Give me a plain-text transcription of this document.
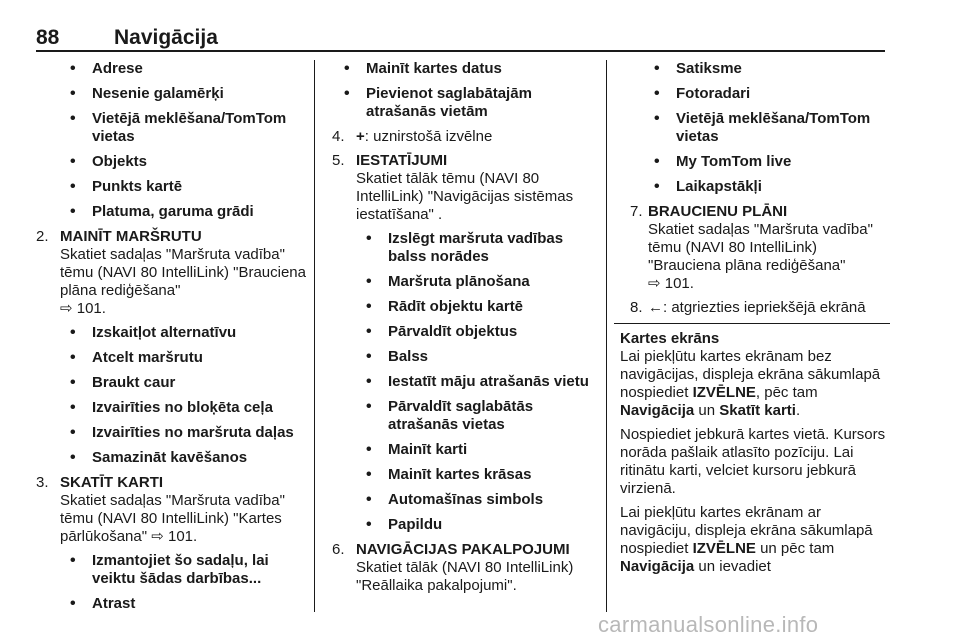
88	Navigācija
• Adrese
• Nesenie galamērķi
• Vietējā meklēšana/TomTom vietas
• Objekts
• Punkts kartē
• Platuma, garuma grādi
2. MAINĪT MARŠRUTU
Skatiet sadaļas "Maršruta vadība" tēmu (NAVI 80 IntelliLink) "Brauciena plāna rediģēšana"
⇨ 101.
• Izskaitļot alternatīvu
• Atcelt maršrutu
• Braukt caur
• Izvairīties no bloķēta ceļa
• Izvairīties no maršruta daļas
• Samazināt kavēšanos
3. SKATĪT KARTI
Skatiet sadaļas "Maršruta vadība" tēmu (NAVI 80 IntelliLink) "Kartes pārlūkošana" ⇨ 101.
• Izmantojiet šo sadaļu, lai veiktu šādas darbības...
• Atrast
• Mainīt kartes datus
• Pievienot saglabātajām atrašanās vietām
4. +: uznirstošā izvēlne
5. IESTATĪJUMI
Skatiet tālāk tēmu (NAVI 80 IntelliLink) "Navigācijas sistēmas iestatīšana" .
• Izslēgt maršruta vadības balss norādes
• Maršruta plānošana
• Rādīt objektu kartē
• Pārvaldīt objektus
• Balss
• Iestatīt māju atrašanās vietu
• Pārvaldīt saglabātās atrašanās vietas
• Mainīt karti
• Mainīt kartes krāsas
• Automašīnas simbols
• Papildu
6. NAVIGĀCIJAS PAKALPOJUMI
Skatiet tālāk (NAVI 80 IntelliLink) "Reāllaika pakalpojumi".
• Satiksme
• Fotoradari
• Vietējā meklēšana/TomTom vietas
• My TomTom live
• Laikapstākļi
7. BRAUCIENU PLĀNI
Skatiet sadaļas "Maršruta vadība" tēmu (NAVI 80 IntelliLink) "Brauciena plāna rediģēšana"
⇨ 101.
8. ←: atgriezties iepriekšējā ekrānā
Kartes ekrāns
Lai piekļūtu kartes ekrānam bez navigācijas, displeja ekrāna sākumlapā nospiediet IZVĒLNE, pēc tam Navigācija un Skatīt karti.
Nospiediet jebkurā kartes vietā. Kursors norāda pašlaik atlasīto pozīciju. Lai ritinātu karti, velciet kursoru jebkurā virzienā.
Lai piekļūtu kartes ekrānam ar navigāciju, displeja ekrāna sākumlapā nospiediet IZVĒLNE un pēc tam Navigācija un ievadiet
carmanualsonline.info
